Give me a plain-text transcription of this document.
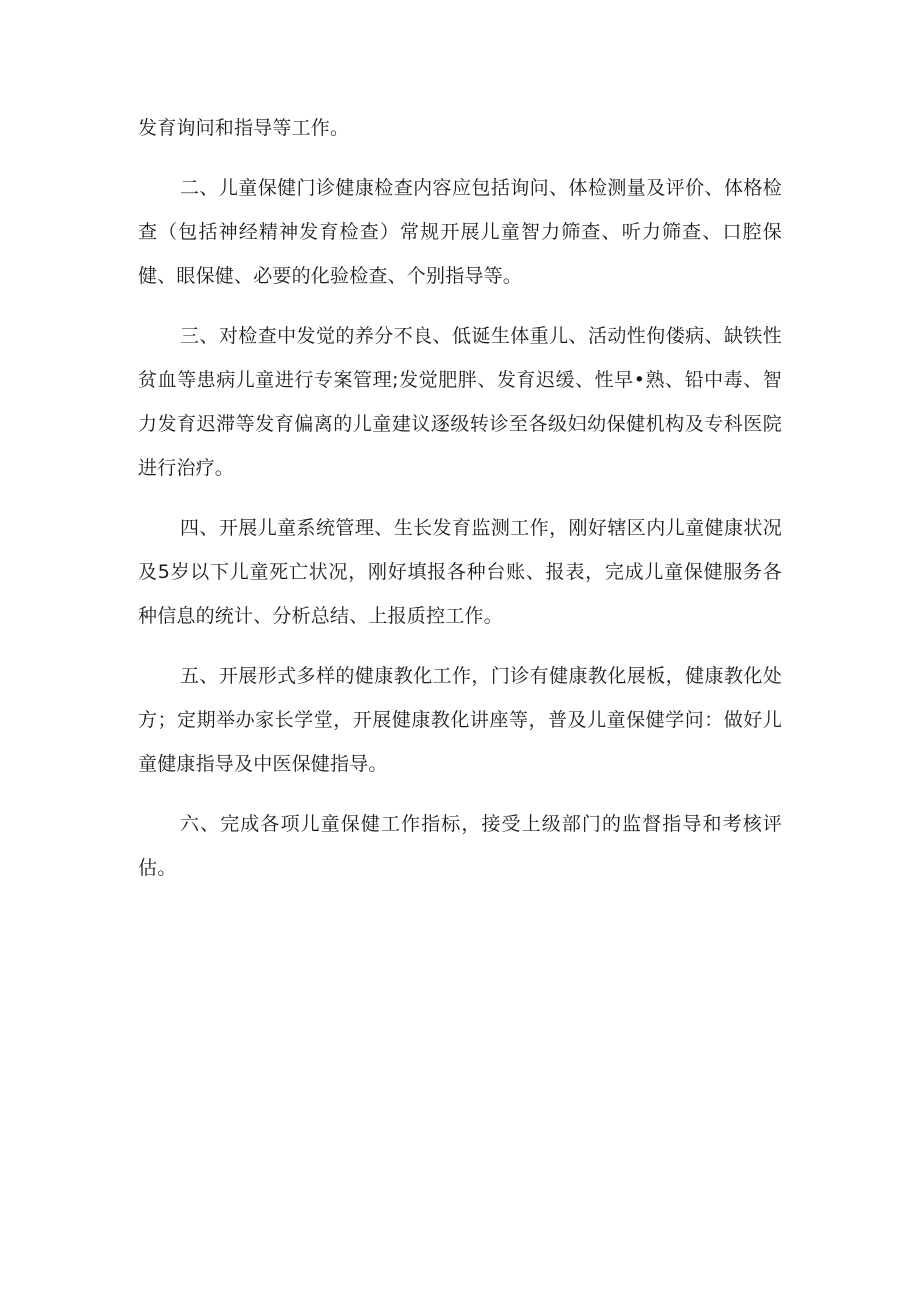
发育询问和指导等工作。

二、儿童保健门诊健康检查内容应包括询问、体检测量及评价、体格检查（包括神经精神发育检查）常规开展儿童智力筛查、听力筛查、口腔保健、眼保健、必要的化验检查、个别指导等。

三、对检查中发觉的养分不良、低诞生体重儿、活动性佝偻病、缺铁性贫血等患病儿童进行专案管理;发觉肥胖、发育迟缓、性早•熟、铅中毒、智力发育迟滞等发育偏离的儿童建议逐级转诊至各级妇幼保健机构及专科医院进行治疗。

四、开展儿童系统管理、生长发育监测工作，刚好辖区内儿童健康状况及5岁以下儿童死亡状况，刚好填报各种台账、报表，完成儿童保健服务各种信息的统计、分析总结、上报质控工作。

五、开展形式多样的健康教化工作，门诊有健康教化展板，健康教化处方；定期举办家长学堂，开展健康教化讲座等，普及儿童保健学问：做好儿童健康指导及中医保健指导。

六、完成各项儿童保健工作指标，接受上级部门的监督指导和考核评估。
